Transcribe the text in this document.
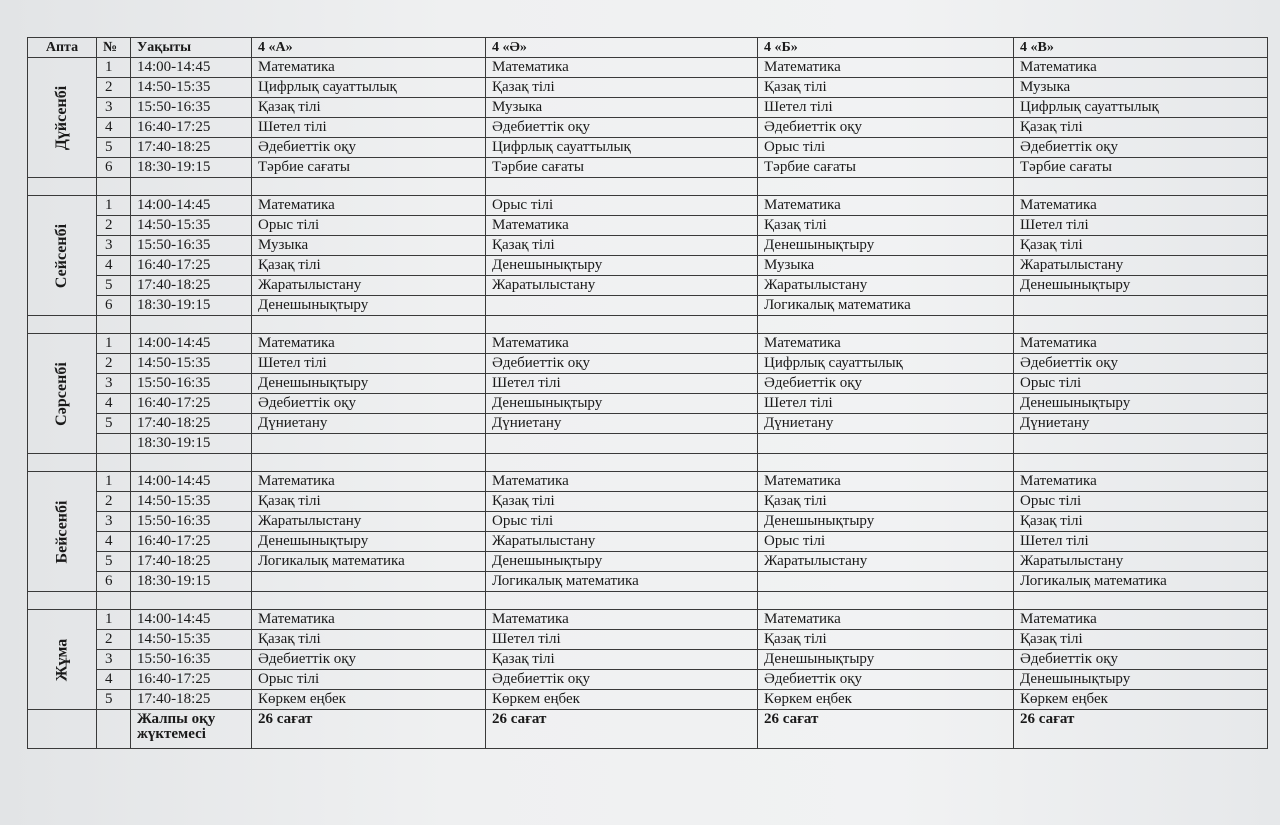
Апта	№	Уақыты	4 «А»	4 «Ә»	4 «Б»	4 «В»
Дүйсенбі	1	14:00-14:45	Математика	Математика	Математика	Математика
	2	14:50-15:35	Цифрлық сауаттылық	Қазақ тілі	Қазақ тілі	Музыка
	3	15:50-16:35	Қазақ тілі	Музыка	Шетел тілі	Цифрлық сауаттылық
	4	16:40-17:25	Шетел тілі	Әдебиеттік оқу	Әдебиеттік оқу	Қазақ тілі
	5	17:40-18:25	Әдебиеттік оқу	Цифрлық сауаттылық	Орыс тілі	Әдебиеттік оқу
	6	18:30-19:15	Тәрбие сағаты	Тәрбие сағаты	Тәрбие сағаты	Тәрбие сағаты

Сейсенбі	1	14:00-14:45	Математика	Орыс тілі	Математика	Математика
	2	14:50-15:35	Орыс тілі	Математика	Қазақ тілі	Шетел тілі
	3	15:50-16:35	Музыка	Қазақ тілі	Денешынықтыру	Қазақ тілі
	4	16:40-17:25	Қазақ тілі	Денешынықтыру	Музыка	Жаратылыстану
	5	17:40-18:25	Жаратылыстану	Жаратылыстану	Жаратылыстану	Денешынықтыру
	6	18:30-19:15	Денешынықтыру		Логикалық математика	

Сәрсенбі	1	14:00-14:45	Математика	Математика	Математика	Математика
	2	14:50-15:35	Шетел тілі	Әдебиеттік оқу	Цифрлық сауаттылық	Әдебиеттік оқу
	3	15:50-16:35	Денешынықтыру	Шетел тілі	Әдебиеттік оқу	Орыс тілі
	4	16:40-17:25	Әдебиеттік оқу	Денешынықтыру	Шетел тілі	Денешынықтыру
	5	17:40-18:25	Дүниетану	Дүниетану	Дүниетану	Дүниетану
		18:30-19:15				

Бейсенбі	1	14:00-14:45	Математика	Математика	Математика	Математика
	2	14:50-15:35	Қазақ тілі	Қазақ тілі	Қазақ тілі	Орыс тілі
	3	15:50-16:35	Жаратылыстану	Орыс тілі	Денешынықтыру	Қазақ тілі
	4	16:40-17:25	Денешынықтыру	Жаратылыстану	Орыс тілі	Шетел тілі
	5	17:40-18:25	Логикалық математика	Денешынықтыру	Жаратылыстану	Жаратылыстану
	6	18:30-19:15		Логикалық математика		Логикалық математика

Жұма	1	14:00-14:45	Математика	Математика	Математика	Математика
	2	14:50-15:35	Қазақ тілі	Шетел тілі	Қазақ тілі	Қазақ тілі
	3	15:50-16:35	Әдебиеттік оқу	Қазақ тілі	Денешынықтыру	Әдебиеттік оқу
	4	16:40-17:25	Орыс тілі	Әдебиеттік оқу	Әдебиеттік оқу	Денешынықтыру
	5	17:40-18:25	Көркем еңбек	Көркем еңбек	Көркем еңбек	Көркем еңбек
		Жалпы оқу жүктемесі	26 сағат	26 сағат	26 сағат	26 сағат
